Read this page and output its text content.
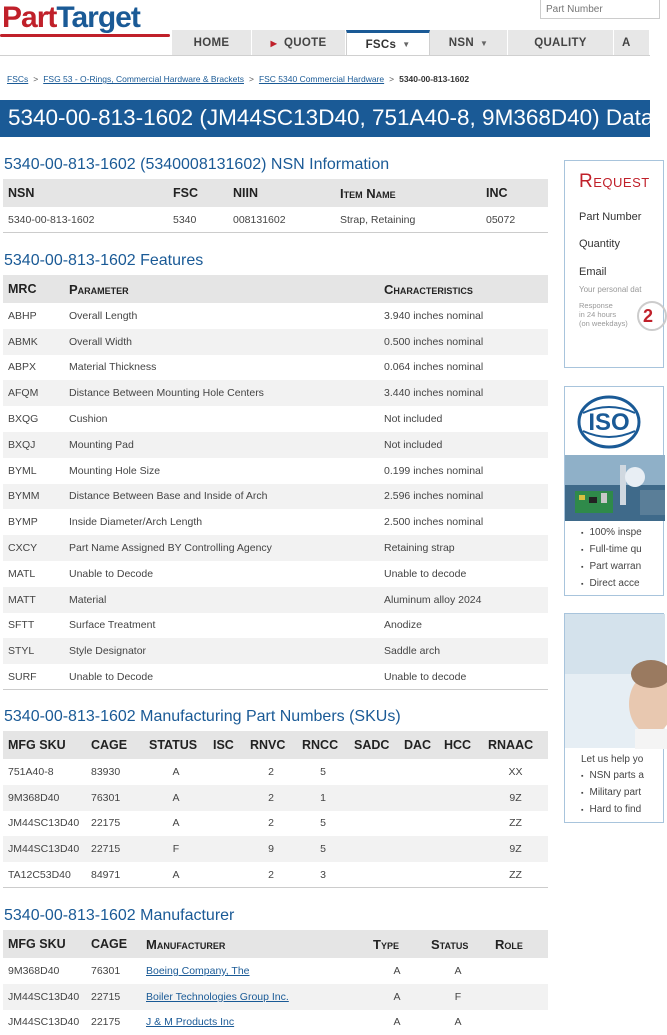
PartTarget
Part Number
HOME	▶ QUOTE	FSCs ▼	NSN ▼	QUALITY	A
FSCs > FSG 53 - O-Rings, Commercial Hardware & Brackets > FSC 5340 Commercial Hardware > 5340-00-813-1602
5340-00-813-1602 (JM44SC13D40, 751A40-8, 9M368D40) Data
5340-00-813-1602 (5340008131602) NSN Information
NSN	FSC	NIIN	Item Name	INC
5340-00-813-1602	5340	008131602	Strap, Retaining	05072
5340-00-813-1602 Features
MRC	Parameter	Characteristics
ABHP	Overall Length	3.940 inches nominal
ABMK	Overall Width	0.500 inches nominal
ABPX	Material Thickness	0.064 inches nominal
AFQM	Distance Between Mounting Hole Centers	3.440 inches nominal
BXQG	Cushion	Not included
BXQJ	Mounting Pad	Not included
BYML	Mounting Hole Size	0.199 inches nominal
BYMM	Distance Between Base and Inside of Arch	2.596 inches nominal
BYMP	Inside Diameter/Arch Length	2.500 inches nominal
CXCY	Part Name Assigned BY Controlling Agency	Retaining strap
MATL	Unable to Decode	Unable to decode
MATT	Material	Aluminum alloy 2024
SFTT	Surface Treatment	Anodize
STYL	Style Designator	Saddle arch
SURF	Unable to Decode	Unable to decode
5340-00-813-1602 Manufacturing Part Numbers (SKUs)
MFG SKU	CAGE	STATUS	ISC	RNVC	RNCC	SADC	DAC	HCC	RNAAC
751A40-8	83930	A		2	5				XX
9M368D40	76301	A		2	1				9Z
JM44SC13D40	22175	A		2	5				ZZ
JM44SC13D40	22715	F		9	5				9Z
TA12C53D40	84971	A		2	3				ZZ
5340-00-813-1602 Manufacturer
MFG SKU	CAGE	Manufacturer	Type	Status	Role
9M368D40	76301	Boeing Company, The	A	A	
JM44SC13D40	22715	Boiler Technologies Group Inc.	A	F	
JM44SC13D40	22175	J & M Products Inc	A	A	
Request
Part Number
Quantity
Email
Your personal dat
Response
in 24 hours
(on weekdays) 2
ISO
▪ 100% inspe
▪ Full-time qu
▪ Part warran
▪ Direct acce
Let us help yo
▪ NSN parts a
▪ Military part
▪ Hard to find
